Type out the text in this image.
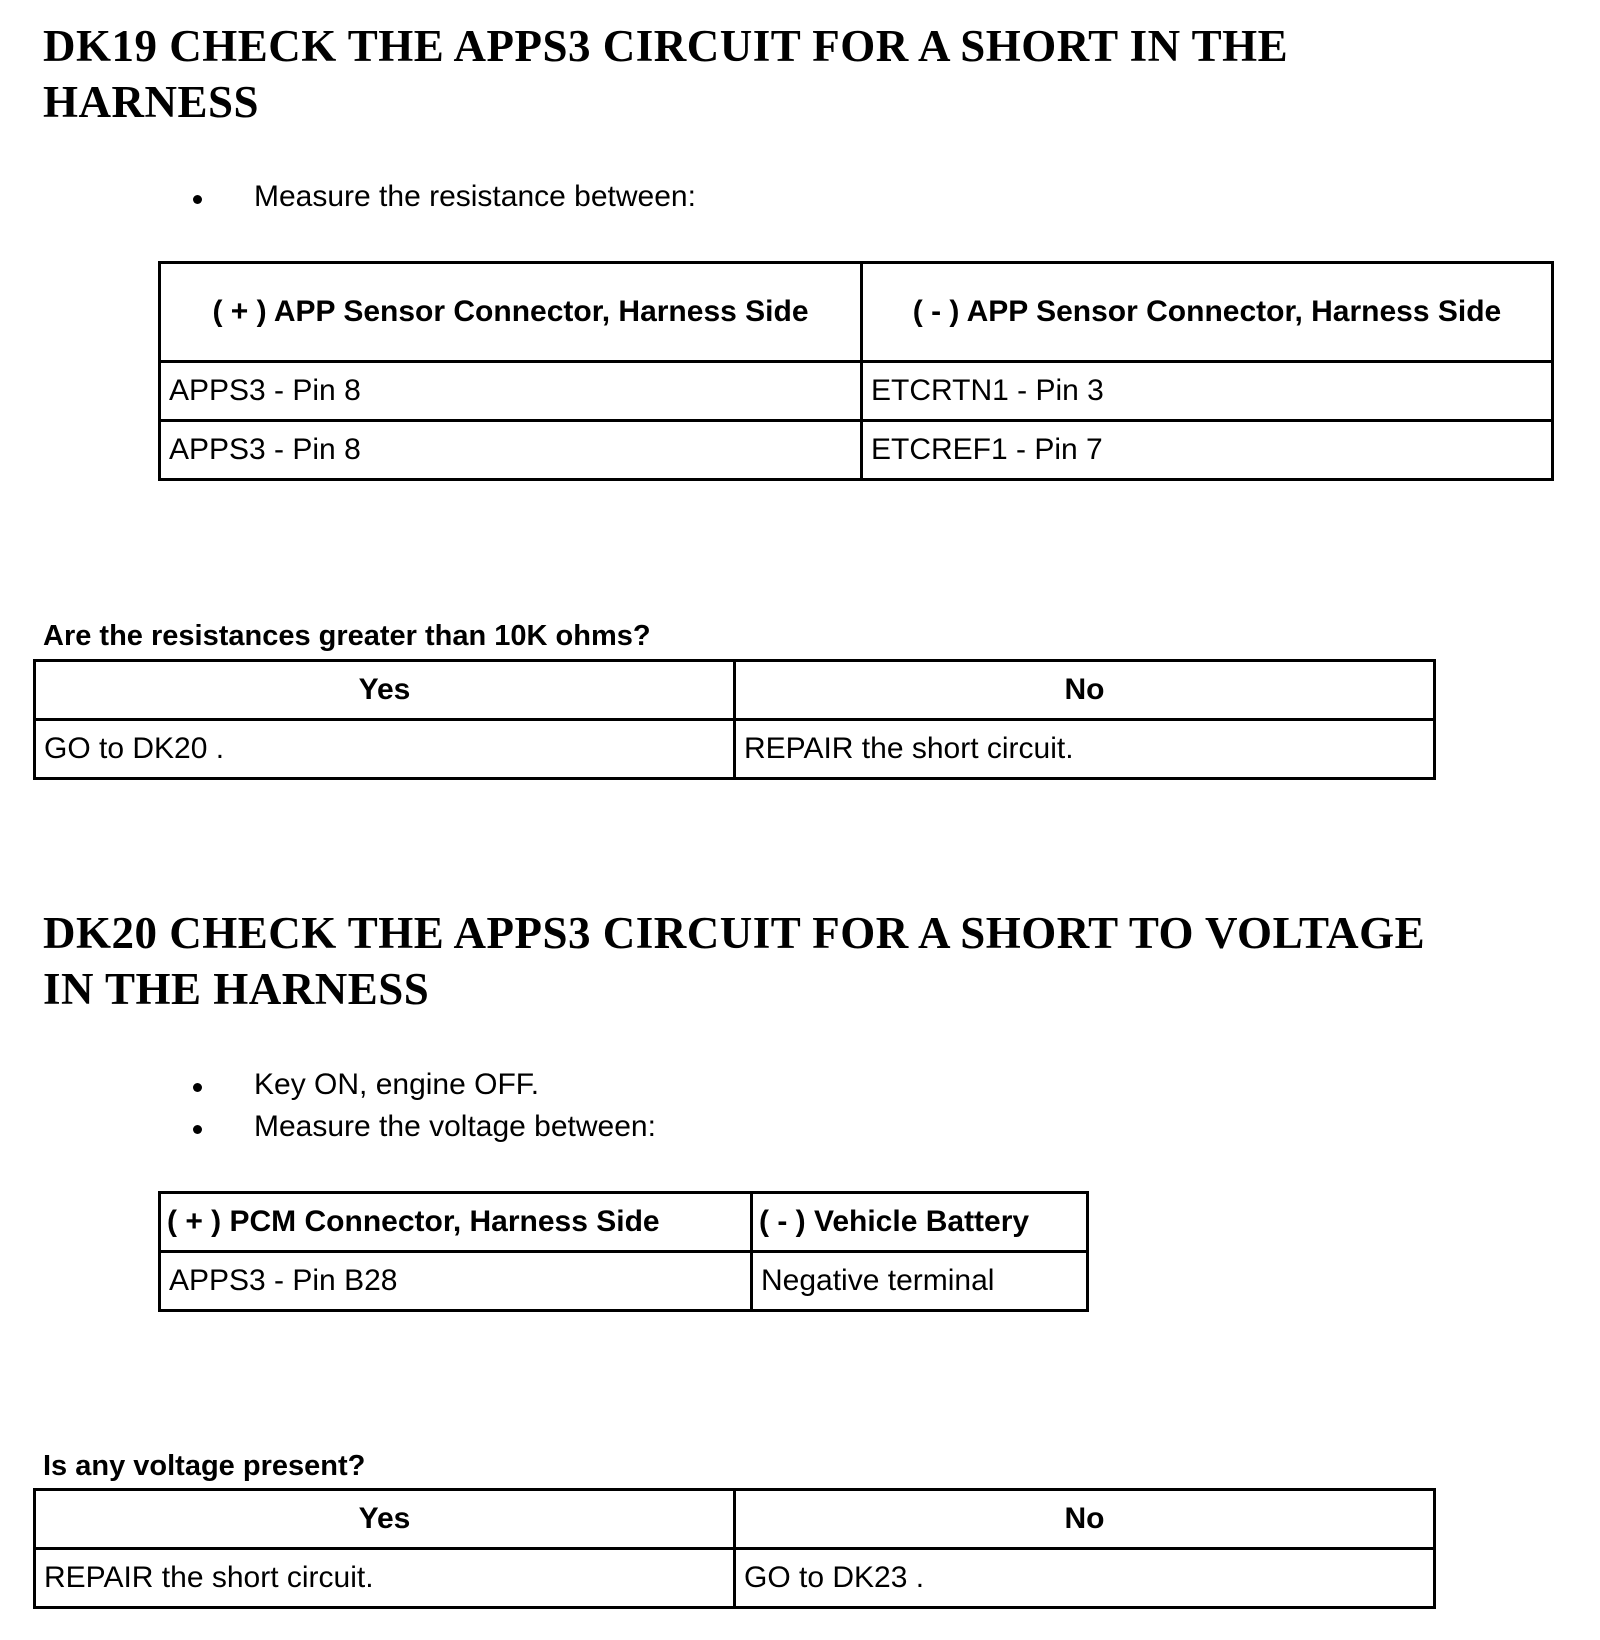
DK19 CHECK THE APPS3 CIRCUIT FOR A SHORT IN THE
HARNESS
Measure the resistance between:
( + ) APP Sensor Connector, Harness Side	( - ) APP Sensor Connector, Harness Side
APPS3 - Pin 8	ETCRTN1 - Pin 3
APPS3 - Pin 8	ETCREF1 - Pin 7

Are the resistances greater than 10K ohms?

Yes	No
GO to DK20 .	REPAIR the short circuit.
DK20 CHECK THE APPS3 CIRCUIT FOR A SHORT TO VOLTAGE
IN THE HARNESS
Key ON, engine OFF.
Measure the voltage between:
( + ) PCM Connector, Harness Side	( - ) Vehicle Battery
APPS3 - Pin B28	Negative terminal

Is any voltage present?

Yes	No
REPAIR the short circuit.	GO to DK23 .
